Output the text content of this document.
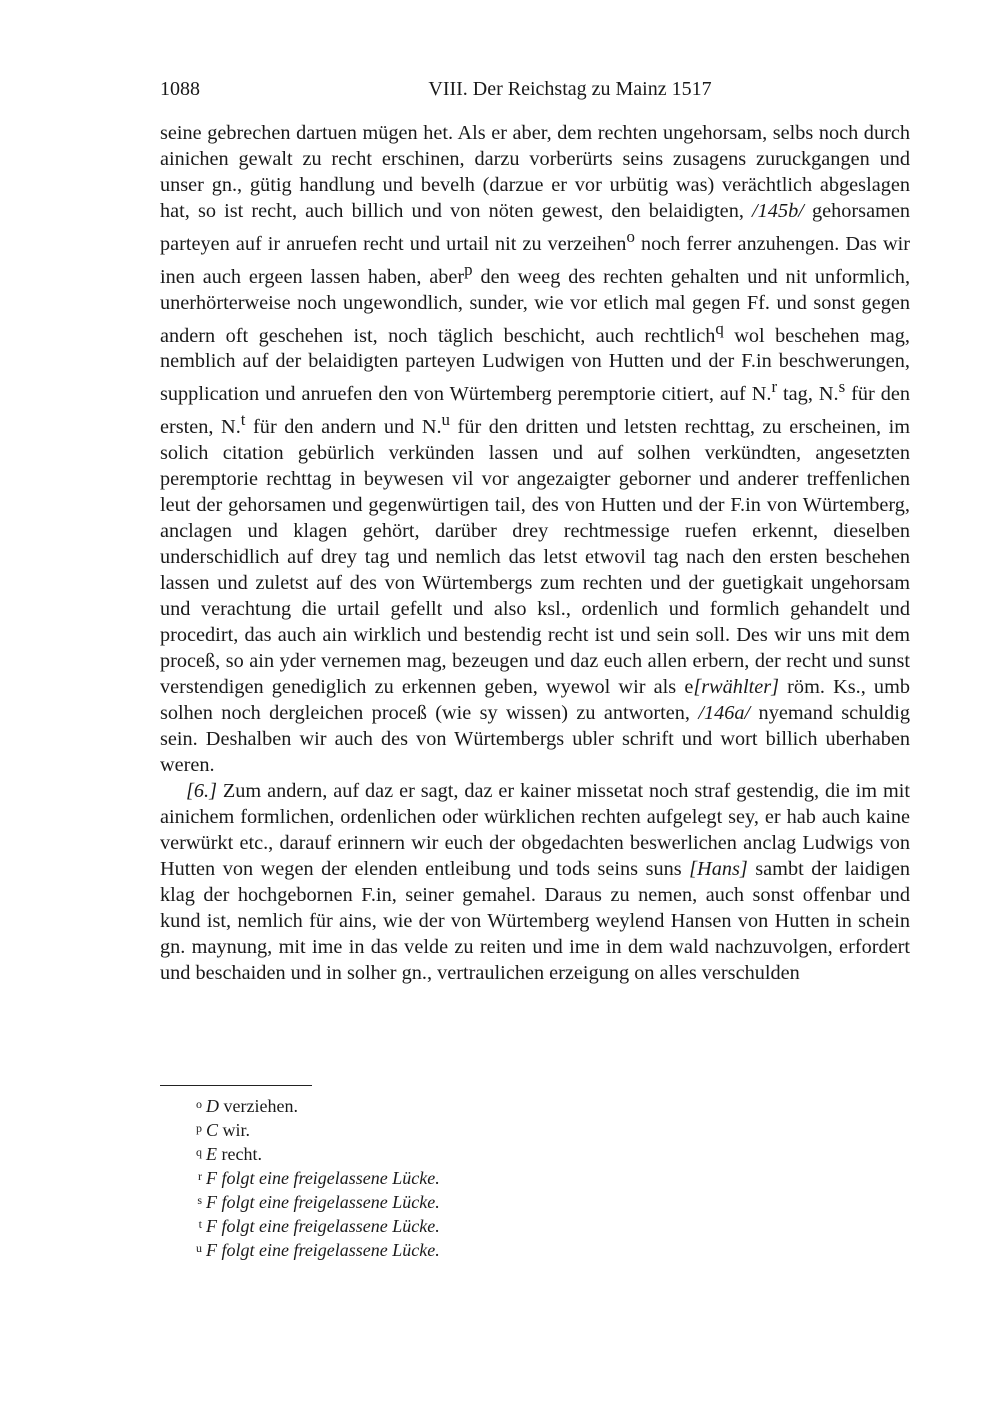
1088	VIII. Der Reichstag zu Mainz 1517

seine gebrechen dartuen mügen het. Als er aber, dem rechten ungehorsam, selbs noch durch ainichen gewalt zu recht erschinen, darzu vorberürts seins zusagens zuruckgangen und unser gn., gütig handlung und bevelh (darzue er vor urbütig was) verächtlich abgeslagen hat, so ist recht, auch billich und von nöten gewest, den belaidigten, /145b/ gehorsamen parteyen auf ir anruefen recht und urtail nit zu verzeihen$^o$ noch ferrer anzuhengen. Das wir inen auch ergeen lassen haben, aber$^p$ den weeg des rechten gehalten und nit unformlich, unerhörterweise noch ungewondlich, sunder, wie vor etlich mal gegen Ff. und sonst gegen andern oft geschehen ist, noch täglich beschicht, auch rechtlich$^q$ wol beschehen mag, nemblich auf der belaidigten parteyen Ludwigen von Hutten und der F.in beschwerungen, supplication und anruefen den von Würtemberg peremptorie citiert, auf N.$^r$ tag, N.$^s$ für den ersten, N.$^t$ für den andern und N.$^u$ für den dritten und letsten rechttag, zu erscheinen, im solich citation gebürlich verkünden lassen und auf solhen verkündten, angesetzten peremptorie rechttag in beywesen vil vor angezaigter geborner und anderer treffenlichen leut der gehorsamen und gegenwürtigen tail, des von Hutten und der F.in von Würtemberg, anclagen und klagen gehört, darüber drey rechtmessige ruefen erkennt, dieselben underschidlich auf drey tag und nemlich das letst etwovil tag nach den ersten beschehen lassen und zuletst auf des von Würtembergs zum rechten und der guetigkait ungehorsam und verachtung die urtail gefellt und also ksl., ordenlich und formlich gehandelt und procedirt, das auch ain wirklich und bestendig recht ist und sein soll. Des wir uns mit dem proceß, so ain yder vernemen mag, bezeugen und daz euch allen erbern, der recht und sunst verstendigen genediglich zu erkennen geben, wyewol wir als e[rwählter] röm. Ks., umb solhen noch dergleichen proceß (wie sy wissen) zu antworten, /146a/ nyemand schuldig sein. Deshalben wir auch des von Würtembergs ubler schrift und wort billich uberhaben weren.

[6.] Zum andern, auf daz er sagt, daz er kainer missetat noch straf gestendig, die im mit ainichem formlichen, ordenlichen oder würklichen rechten aufgelegt sey, er hab auch kaine verwürkt etc., darauf erinnern wir euch der obgedachten beswerlichen anclag Ludwigs von Hutten von wegen der elenden entleibung und tods seins suns [Hans] sambt der laidigen klag der hochgebornen F.in, seiner gemahel. Daraus zu nemen, auch sonst offenbar und kund ist, nemlich für ains, wie der von Würtemberg weylend Hansen von Hutten in schein gn. maynung, mit ime in das velde zu reiten und ime in dem wald nachzuvolgen, erfordert und beschaiden und in solher gn., vertraulichen erzeigung on alles verschulden

o D verziehen.
p C wir.
q E recht.
r F folgt eine freigelassene Lücke.
s F folgt eine freigelassene Lücke.
t F folgt eine freigelassene Lücke.
u F folgt eine freigelassene Lücke.
